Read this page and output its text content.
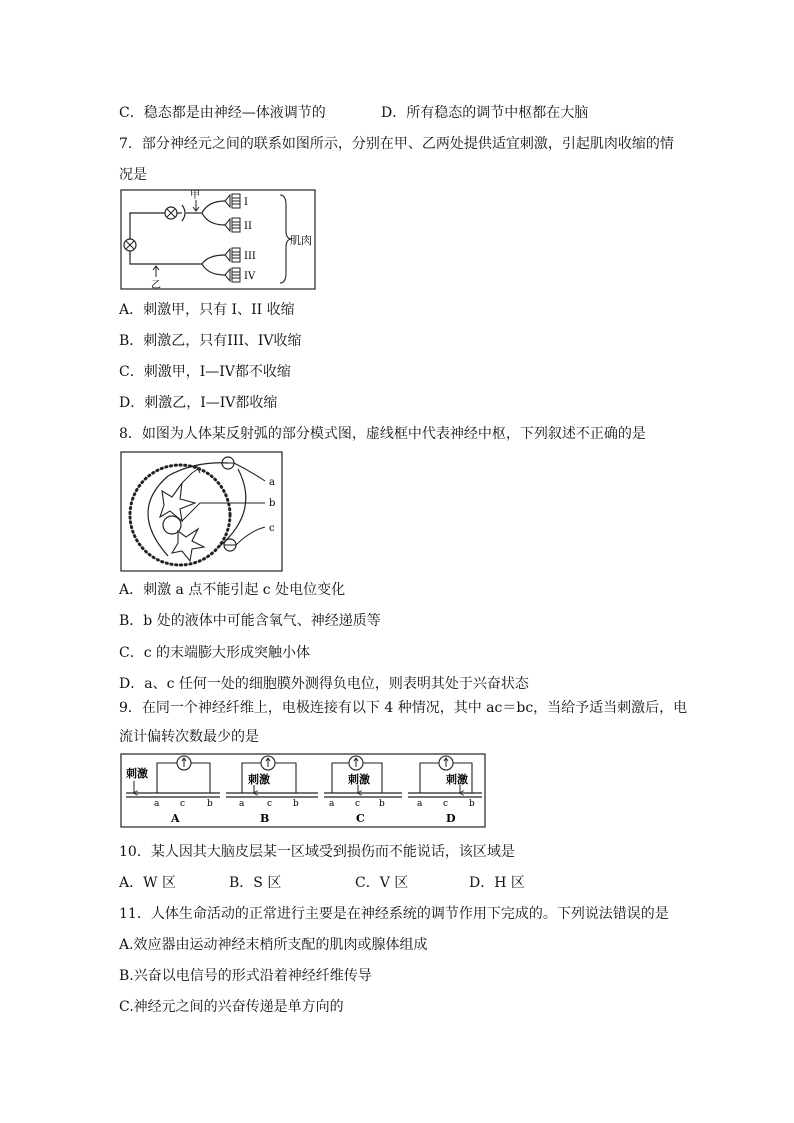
C．稳态都是由神经—体液调节的	D．所有稳态的调节中枢都在大脑
7．部分神经元之间的联系如图所示，分别在甲、乙两处提供适宜刺激，引起肌肉收缩的情
况是
I
II
III
IV
肌肉
甲
乙
A．刺激甲，只有 I、II 收缩
B．刺激乙，只有III、IV收缩
C．刺激甲，I—IV都不收缩
D．刺激乙，I—IV都收缩
8．如图为人体某反射弧的部分模式图，虚线框中代表神经中枢，下列叙述不正确的是
a
b
c
A．刺激 a 点不能引起 c 处电位变化
B．b 处的液体中可能含氧气、神经递质等
C．c 的末端膨大形成突触小体
D．a、c 任何一处的细胞膜外测得负电位，则表明其处于兴奋状态
9．在同一个神经纤维上，电极连接有以下 4 种情况，其中 ac＝bc，当给予适当刺激后，电
流计偏转次数最少的是
刺激
a c b
A
刺激
a	c b
B
刺激
a c b
C
刺激
a c b
D
10．某人因其大脑皮层某一区域受到损伤而不能说话，该区域是
A．W 区	B．S 区	C．V 区	D．H 区
11．人体生命活动的正常进行主要是在神经系统的调节作用下完成的。下列说法错误的是
A.效应器由运动神经末梢所支配的肌肉或腺体组成
B.兴奋以电信号的形式沿着神经纤维传导
C.神经元之间的兴奋传递是单方向的
